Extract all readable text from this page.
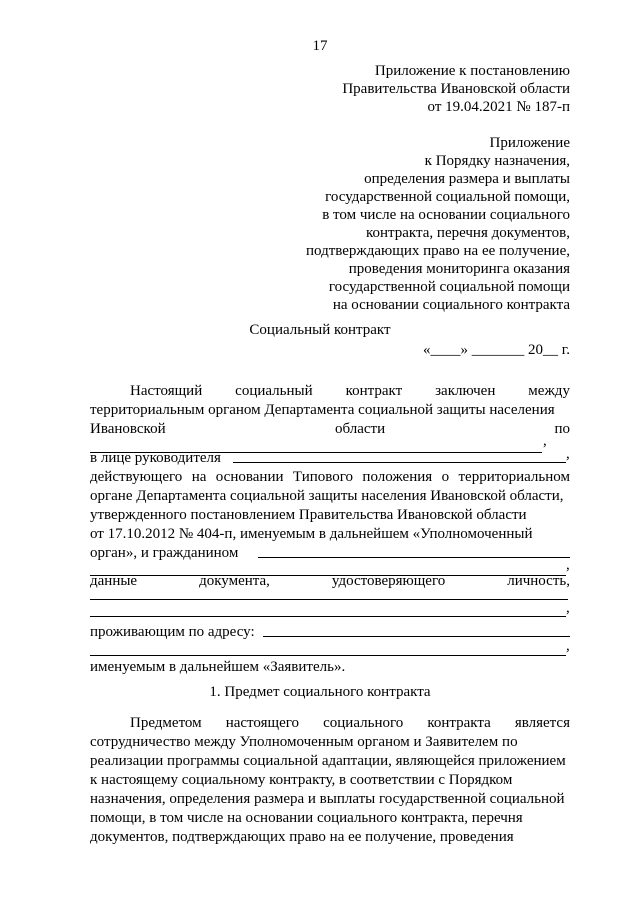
17
Приложение к постановлению
Правительства Ивановской области
от 19.04.2021 № 187-п
Приложение
к Порядку назначения,
определения размера и выплаты
государственной социальной помощи,
в том числе на основании социального
контракта, перечня документов,
подтверждающих право на ее получение,
проведения мониторинга оказания
государственной социальной помощи
на основании социального контракта
Социальный контракт
«____» _______ 20__ г.
Настоящий социальный контракт заключен между
территориальным органом Департамента социальной защиты населения
Ивановской	области	по
,
в лице руководителя	,
действующего на основании Типового положения о территориальном
органе Департамента социальной защиты населения Ивановской области,
утвержденного постановлением Правительства Ивановской области
от 17.10.2012 № 404-п, именуемым в дальнейшем «Уполномоченный
орган», и гражданином
,
данные	документа,	удостоверяющего	личность,
,
проживающим по адресу:
,
именуемым в дальнейшем «Заявитель».
1. Предмет социального контракта
Предметом настоящего социального контракта является
сотрудничество между Уполномоченным органом и Заявителем по
реализации программы социальной адаптации, являющейся приложением
к настоящему социальному контракту, в соответствии с Порядком
назначения, определения размера и выплаты государственной социальной
помощи, в том числе на основании социального контракта, перечня
документов, подтверждающих право на ее получение, проведения
